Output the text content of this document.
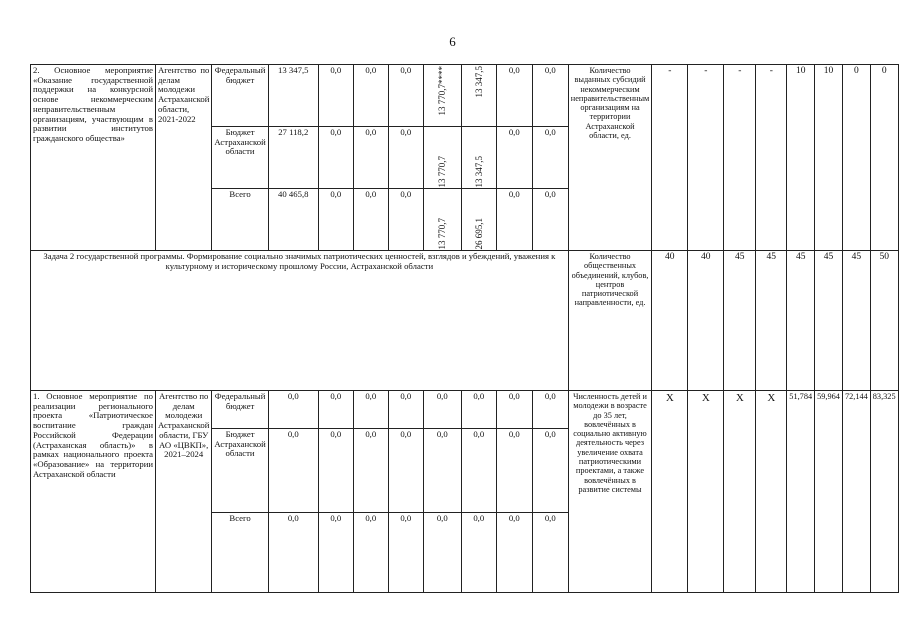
6
2. Основное мероприятие «Оказание государственной поддержки на конкурсной основе некоммерческим неправительственным организациям, участвующим в развитии институтов гражданского общества»	Агентство по делам молодежи Астраханской области, 2021-2022	Федеральный бюджет	13 347,5	0,0	0,0	0,0	13 770,7****	13 347,5	0,0	0,0	Количество выданных субсидий некоммерческим неправительственным организациям на территории Астраханской области, ед.	-	-	-	-	10	10	0	0
		Бюджет Астраханской области	27 118,2	0,0	0,0	0,0	13 770,7	13 347,5	0,0	0,0									
		Всего	40 465,8	0,0	0,0	0,0	13 770,7	26 695,1	0,0	0,0									
Задача 2 государственной программы. Формирование социально значимых патриотических ценностей, взглядов и убеждений, уважения к культурному и историческому прошлому России, Астраханской области											Количество общественных объединений, клубов, центров патриотической направленности, ед.	40	40	45	45	45	45	45	50
1. Основное мероприятие по реализации регионального проекта «Патриотическое воспитание граждан Российской Федерации (Астраханская область)» в рамках национального проекта «Образование» на территории Астраханской области	Агентство по делам молодежи Астраханской области, ГБУ АО «ЦВКП», 2021–2024	Федеральный бюджет	0,0	0,0	0,0	0,0	0,0	0,0	0,0	0,0	Численность детей и молодежи в возрасте до 35 лет, вовлечённых в социально активную деятельность через увеличение охвата патриотическими проектами, а также вовлечённых в развитие системы	X	X	X	X	51,784	59,964	72,144	83,325
		Бюджет Астраханской области	0,0	0,0	0,0	0,0	0,0	0,0	0,0	0,0									
		Всего	0,0	0,0	0,0	0,0	0,0	0,0	0,0	0,0									
